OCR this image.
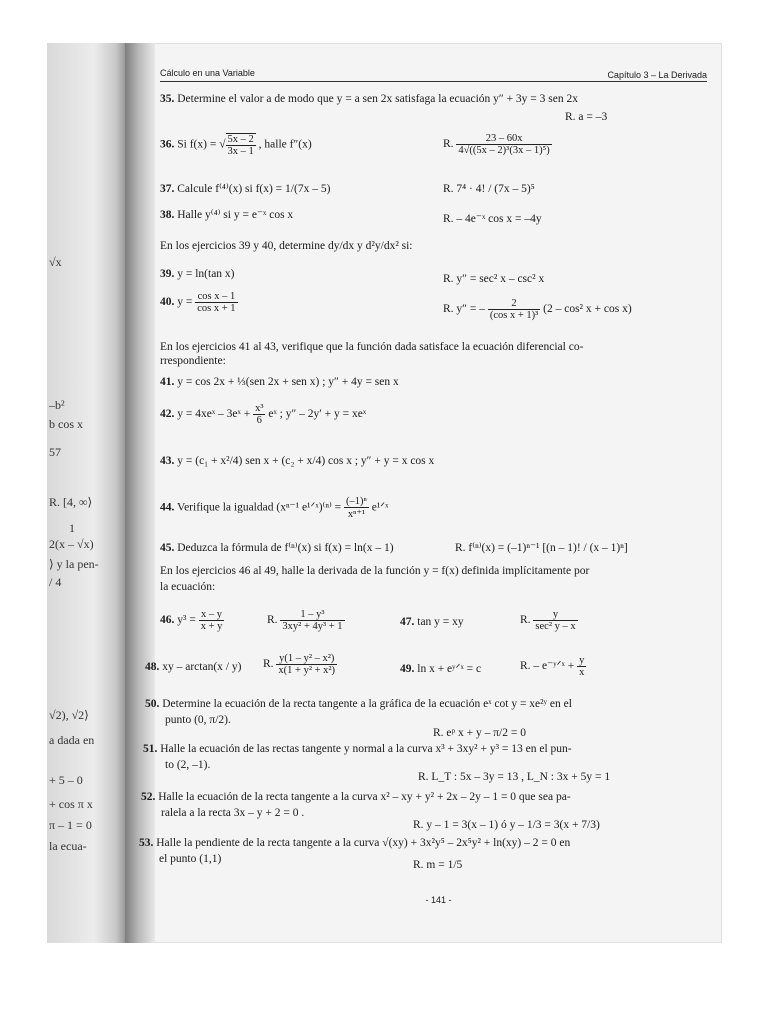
√x
–b²
b cos x
57
R. [4, ∞⟩
1
2(x – √x)
⟩ y la pen-
/ 4
√2), √2⟩
a dada en
+ 5 – 0
+ cos π x
π – 1 = 0
la ecua-
Cálculo en una Variable	Capítulo 3 – La Derivada
35. Determine el valor a de modo que y = a sen 2x satisfaga la ecuación y″ + 3y = 3 sen 2x
R. a = –3
36. Si f(x) = √ $\frac{5x - 2}{3x - 1}$ , halle f″(x)	R. $\frac{23 - 60x}{\text{4√((5x – 2)³(3x – 1)⁵)}}$
37. Calcule f⁽⁴⁾(x) si f(x) = 1/(7x – 5)	R. 7⁴ · 4! / (7x – 5)⁵
38. Halle y⁽⁴⁾ si y = e⁻ˣ cos x	R. – 4e⁻ˣ cos x = –4y
En los ejercicios 39 y 40, determine dy/dx y d²y/dx² si:
39. y = ln(tan x)	R. y″ = sec² x – csc² x
40. $y = \frac{\text{cos x – 1}}{\text{cos x + 1}}$	R. y″ = – $\frac{2}{\text{(cos x + 1)³}} (2 - \cos^2$ x + cos x)
En los ejercicios 41 al 43, verifique que la función dada satisface la ecuación diferencial co-
rrespondiente:
41. y = cos 2x + ⅓(sen 2x + sen x) ; y″ + 4y = sen x
42. y = 4xeˣ – 3eˣ + $\frac{\text{x³}}{6}$ eˣ ; y″ – 2y′ + y = xeˣ
43. y = (c₁ + x²/4) sen x + (c₂ + x/4) cos x ; y″ + y = x cos x
44. Verifique la igualdad (xⁿ⁻¹ e¹ᐟˣ)⁽ⁿ⁾ = $\frac{\text{(–1)ⁿ}}{\text{xⁿ⁺¹}}$ e¹ᐟˣ
45. Deduzca la fórmula de f⁽ⁿ⁾(x) si f(x) = ln(x – 1)	R. f⁽ⁿ⁾(x) = (–1)ⁿ⁻¹ [(n – 1)! / (x – 1)ⁿ]
En los ejercicios 46 al 49, halle la derivada de la función y = f(x) definida implícitamente por
la ecuación:
46. $y^3 = \frac{x - y}{x + y}$	R. $\frac{\text{1 – y³}}{\text{3xy² + 4y³ + 1}}$	47. tan y = xy	R. $\frac{y}{\text{sec² y – x}}$
48. xy – arctan(x / y) R. $\frac{\text{y(1 – y² – x²)}}{\text{x(1 + y² + x²)}}$	49. ln x + eʸᐟˣ = c	R. – e⁻ʸᐟˣ + $\frac{y}{x}$
50. Determine la ecuación de la recta tangente a la gráfica de la ecuación eˣ cot y = xe²ʸ en el
punto (0, π/2).
R. eᵖ x + y – π/2 = 0
51. Halle la ecuación de las rectas tangente y normal a la curva x³ + 3xy² + y³ = 13 en el pun-
to (2, –1).
R. L_T : 5x – 3y = 13 , L_N : 3x + 5y = 1
52. Halle la ecuación de la recta tangente a la curva x² – xy + y² + 2x – 2y – 1 = 0 que sea pa-
ralela a la recta 3x – y + 2 = 0 .
R. y – 1 = 3(x – 1) ó y – 1/3 = 3(x + 7/3)
53. Halle la pendiente de la recta tangente a la curva √(xy) + 3x²y⁵ – 2x⁵y² + ln(xy) – 2 = 0 en
el punto (1,1)	R. m = 1/5
- 141 -
